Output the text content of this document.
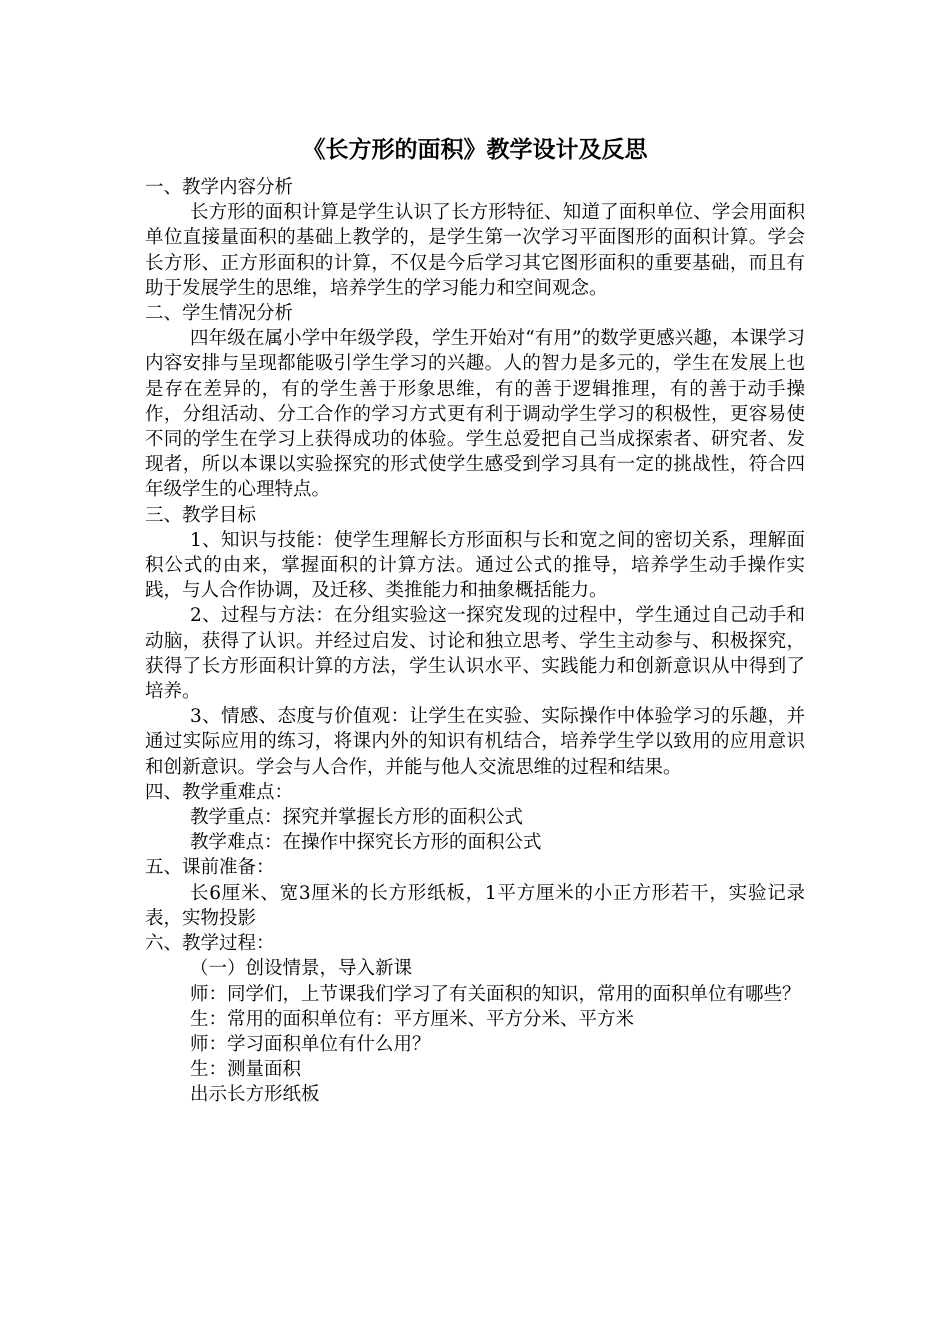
《长方形的面积》教学设计及反思

一、教学内容分析

长方形的面积计算是学生认识了长方形特征、知道了面积单位、学会用面积单位直接量面积的基础上教学的，是学生第一次学习平面图形的面积计算。学会长方形、正方形面积的计算，不仅是今后学习其它图形面积的重要基础，而且有助于发展学生的思维，培养学生的学习能力和空间观念。

二、学生情况分析

四年级在属小学中年级学段，学生开始对“有用”的数学更感兴趣，本课学习内容安排与呈现都能吸引学生学习的兴趣。人的智力是多元的，学生在发展上也是存在差异的，有的学生善于形象思维，有的善于逻辑推理，有的善于动手操作，分组活动、分工合作的学习方式更有利于调动学生学习的积极性，更容易使不同的学生在学习上获得成功的体验。学生总爱把自己当成探索者、研究者、发现者，所以本课以实验探究的形式使学生感受到学习具有一定的挑战性，符合四年级学生的心理特点。

三、教学目标

1、知识与技能：使学生理解长方形面积与长和宽之间的密切关系，理解面积公式的由来，掌握面积的计算方法。通过公式的推导，培养学生动手操作实践，与人合作协调，及迁移、类推能力和抽象概括能力。

2、过程与方法：在分组实验这一探究发现的过程中，学生通过自己动手和动脑，获得了认识。并经过启发、讨论和独立思考、学生主动参与、积极探究，获得了长方形面积计算的方法，学生认识水平、实践能力和创新意识从中得到了培养。

3、情感、态度与价值观：让学生在实验、实际操作中体验学习的乐趣，并通过实际应用的练习，将课内外的知识有机结合，培养学生学以致用的应用意识和创新意识。学会与人合作，并能与他人交流思维的过程和结果。

四、教学重难点：

教学重点：探究并掌握长方形的面积公式

教学难点：在操作中探究长方形的面积公式

五、课前准备：

长6厘米、宽3厘米的长方形纸板，1平方厘米的小正方形若干，实验记录表，实物投影

六、教学过程：

（一）创设情景，导入新课

师：同学们，上节课我们学习了有关面积的知识，常用的面积单位有哪些？

生：常用的面积单位有：平方厘米、平方分米、平方米

师：学习面积单位有什么用？

生：测量面积

出示长方形纸板
